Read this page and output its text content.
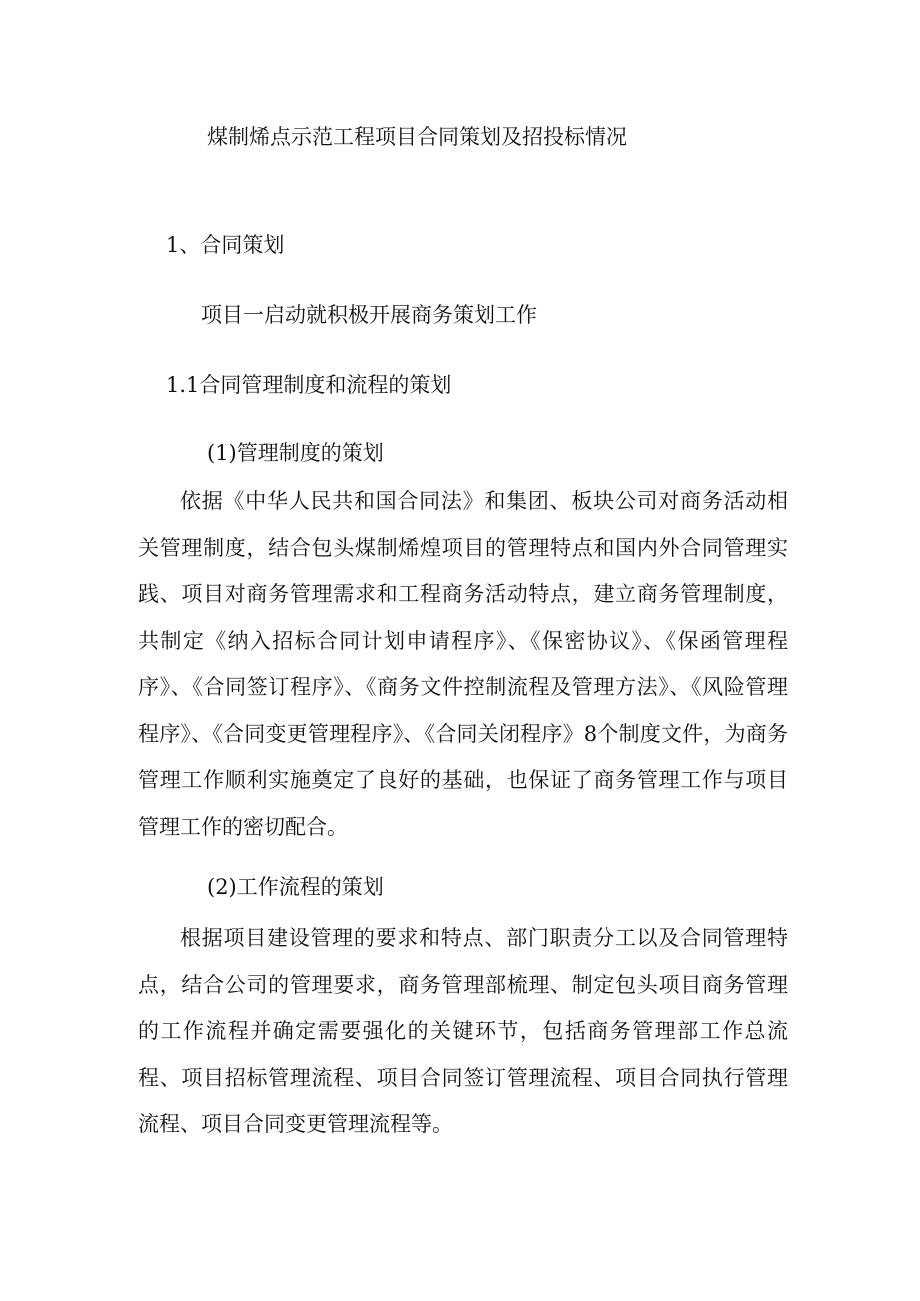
煤制烯点示范工程项目合同策划及招投标情况

1、合同策划

项目一启动就积极开展商务策划工作

1.1合同管理制度和流程的策划

(1)管理制度的策划

依据《中华人民共和国合同法》和集团、板块公司对商务活动相关管理制度，结合包头煤制烯煌项目的管理特点和国内外合同管理实践、项目对商务管理需求和工程商务活动特点，建立商务管理制度，共制定《纳入招标合同计划申请程序》、《保密协议》、《保函管理程序》、《合同签订程序》、《商务文件控制流程及管理方法》、《风险管理程序》、《合同变更管理程序》、《合同关闭程序》8个制度文件，为商务管理工作顺利实施奠定了良好的基础，也保证了商务管理工作与项目管理工作的密切配合。

(2)工作流程的策划

根据项目建设管理的要求和特点、部门职责分工以及合同管理特点，结合公司的管理要求，商务管理部梳理、制定包头项目商务管理的工作流程并确定需要强化的关键环节，包括商务管理部工作总流程、项目招标管理流程、项目合同签订管理流程、项目合同执行管理流程、项目合同变更管理流程等。
